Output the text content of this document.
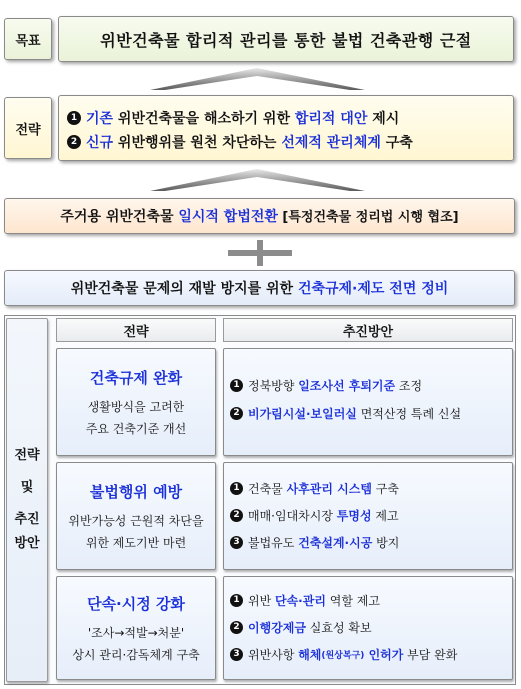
목표	위반건축물 합리적 관리를 통한 불법 건축관행 근절
전략
1 기존 위반건축물을 해소하기 위한 합리적 대안 제시
2 신규 위반행위를 원천 차단하는 선제적 관리체계 구축
주거용 위반건축물 일시적 합법전환 [특정건축물 정리법 시행 협조]
위반건축물 문제의 재발 방지를 위한 건축규제·제도 전면 정비
전략
및
추진
방안
전략	추진방안
건축규제 완화
생활방식을 고려한
주요 건축기준 개선
1 정북방향 일조사선 후퇴기준 조정
2 비가림시설·보일러실 면적산정 특례 신설
불법행위 예방
위반가능성 근원적 차단을
위한 제도기반 마련
1 건축물 사후관리 시스템 구축
2 매매·임대차시장 투명성 제고
3 불법유도 건축설계·시공 방지
단속·시정 강화
'조사→적발→처분'
상시 관리·감독체계 구축
1 위반 단속·관리 역할 제고
2 이행강제금 실효성 확보
3 위반사항 해체 (원상복구) 인허가 부담 완화
